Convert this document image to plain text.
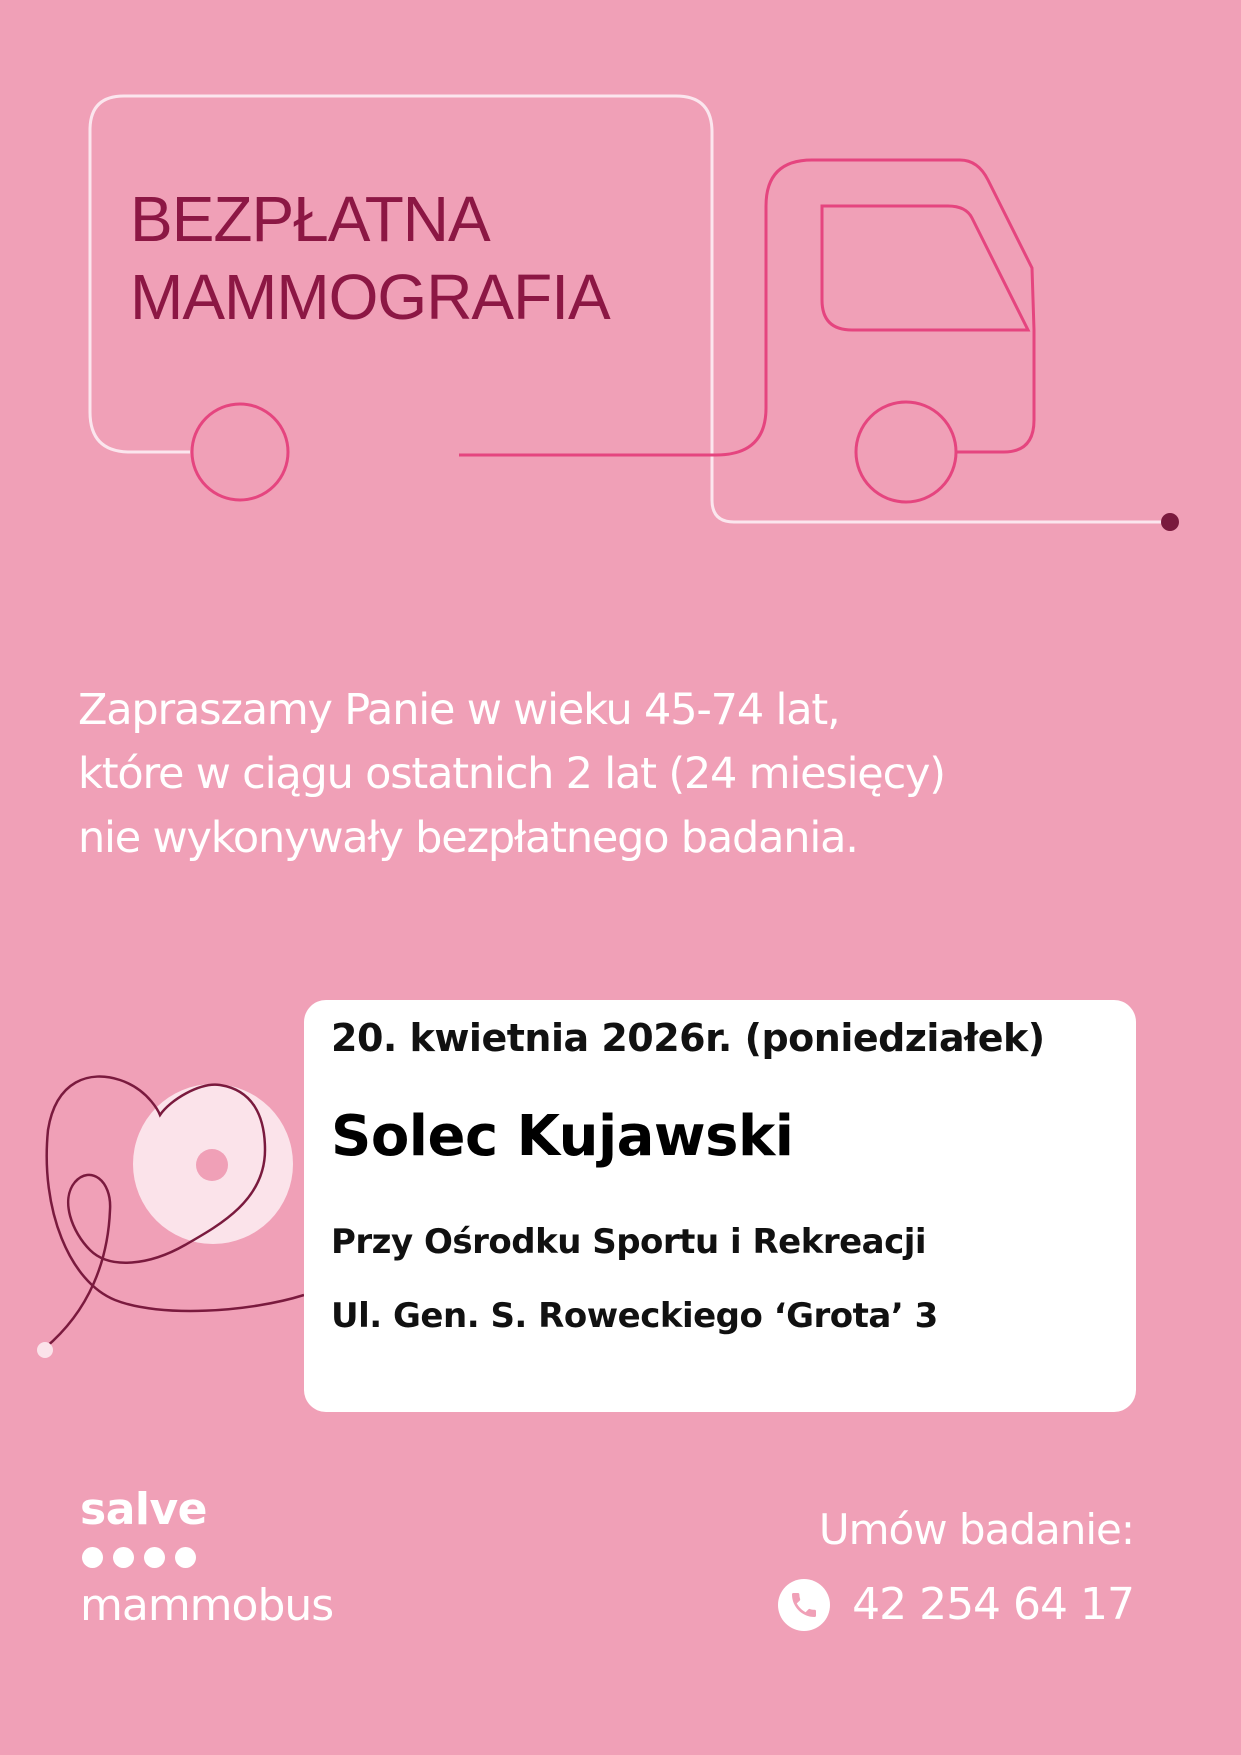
BEZPŁATNA
MAMMOGRAFIA
Zapraszamy Panie w wieku 45-74 lat,
które w ciągu ostatnich 2 lat (24 miesięcy)
nie wykonywały bezpłatnego badania.
20. kwietnia 2026r. (poniedziałek)
Solec Kujawski
Przy Ośrodku Sportu i Rekreacji
Ul. Gen. S. Roweckiego ‘Grota’ 3
salve
mammobus
Umów badanie:
42 254 64 17
